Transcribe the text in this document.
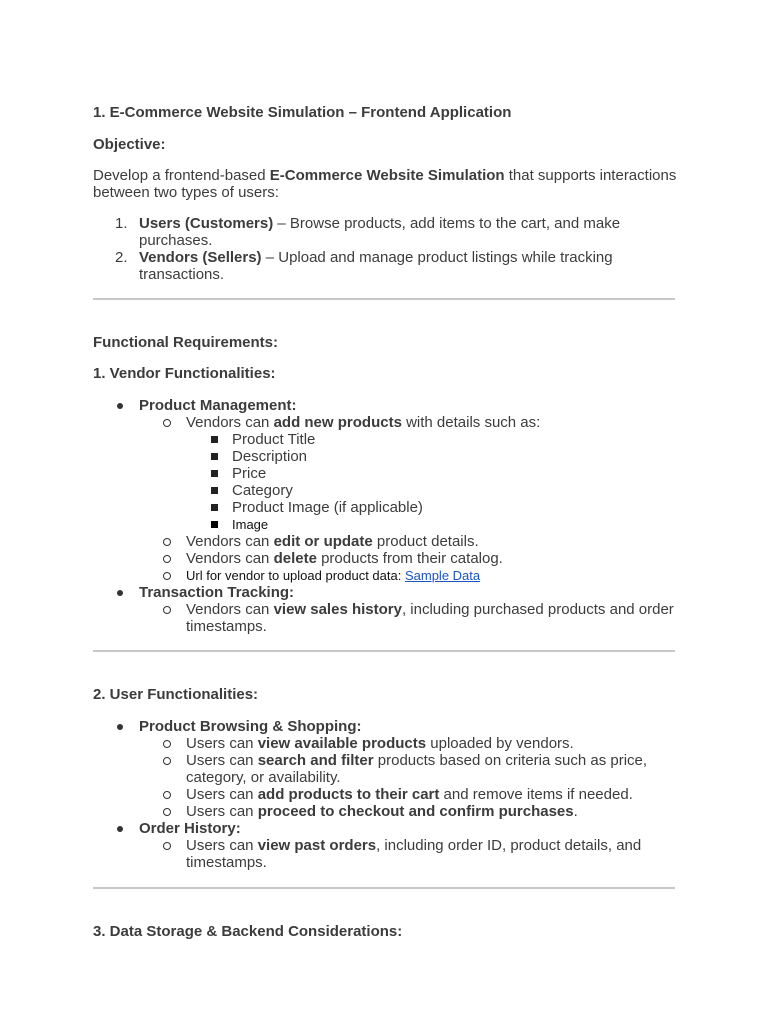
1. E-Commerce Website Simulation – Frontend Application
Objective:
Develop a frontend-based E-Commerce Website Simulation that supports interactions between two types of users:
1. Users (Customers) – Browse products, add items to the cart, and make purchases.
2. Vendors (Sellers) – Upload and manage product listings while tracking transactions.
Functional Requirements:
1. Vendor Functionalities:
Product Management:
Vendors can add new products with details such as:
Product Title
Description
Price
Category
Product Image (if applicable)
Image
Vendors can edit or update product details.
Vendors can delete products from their catalog.
Url for vendor to upload product data: Sample Data
Transaction Tracking:
Vendors can view sales history, including purchased products and order timestamps.
2. User Functionalities:
Product Browsing & Shopping:
Users can view available products uploaded by vendors.
Users can search and filter products based on criteria such as price, category, or availability.
Users can add products to their cart and remove items if needed.
Users can proceed to checkout and confirm purchases.
Order History:
Users can view past orders, including order ID, product details, and timestamps.
3. Data Storage & Backend Considerations:
